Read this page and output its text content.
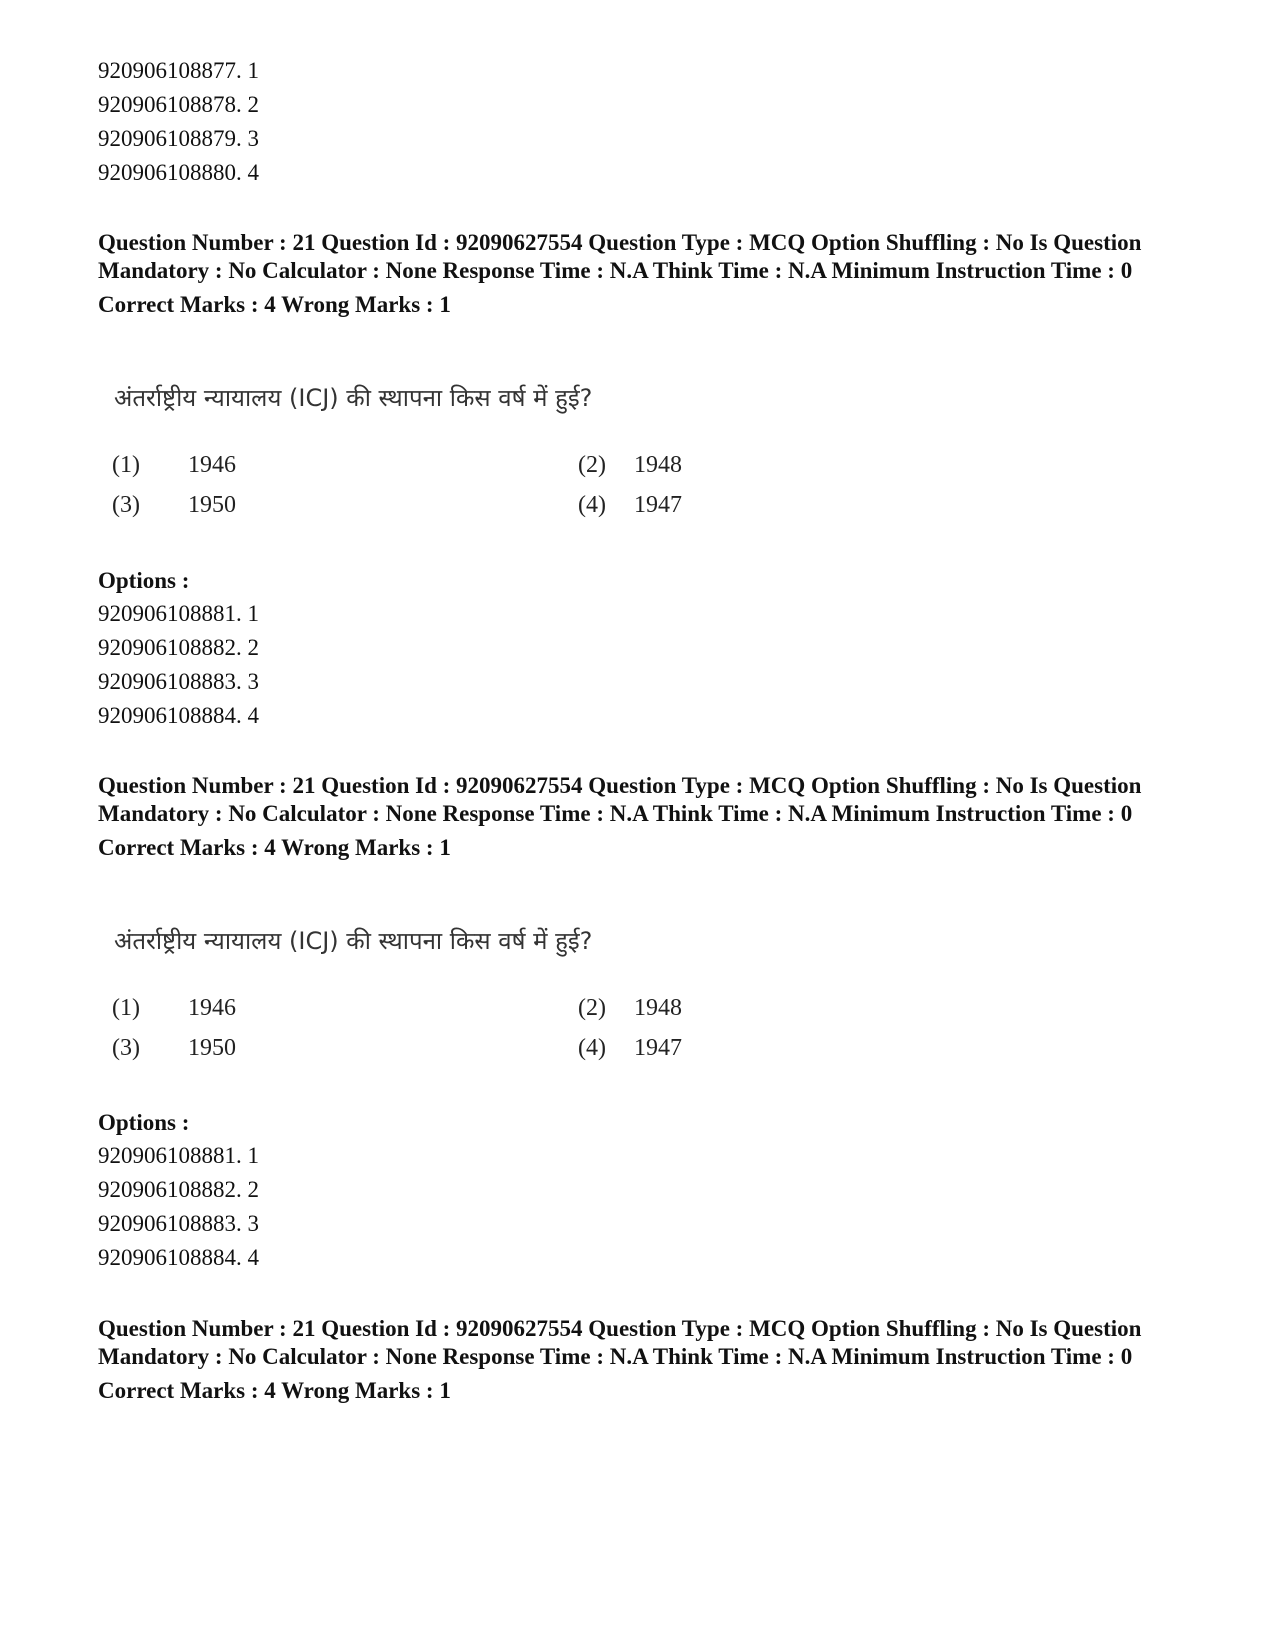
920906108877. 1
920906108878. 2
920906108879. 3
920906108880. 4
Question Number : 21 Question Id : 92090627554 Question Type : MCQ Option Shuffling : No Is Question Mandatory : No Calculator : None Response Time : N.A Think Time : N.A Minimum Instruction Time : 0
Correct Marks : 4 Wrong Marks : 1
अंतर्राष्ट्रीय न्यायालय (ICJ) की स्थापना किस वर्ष में हुई?
(1) 1946	(2) 1948
(3) 1950	(4) 1947
Options :
920906108881. 1
920906108882. 2
920906108883. 3
920906108884. 4
Question Number : 21 Question Id : 92090627554 Question Type : MCQ Option Shuffling : No Is Question Mandatory : No Calculator : None Response Time : N.A Think Time : N.A Minimum Instruction Time : 0
Correct Marks : 4 Wrong Marks : 1
अंतर्राष्ट्रीय न्यायालय (ICJ) की स्थापना किस वर्ष में हुई?
(1) 1946	(2) 1948
(3) 1950	(4) 1947
Options :
920906108881. 1
920906108882. 2
920906108883. 3
920906108884. 4
Question Number : 21 Question Id : 92090627554 Question Type : MCQ Option Shuffling : No Is Question Mandatory : No Calculator : None Response Time : N.A Think Time : N.A Minimum Instruction Time : 0
Correct Marks : 4 Wrong Marks : 1
